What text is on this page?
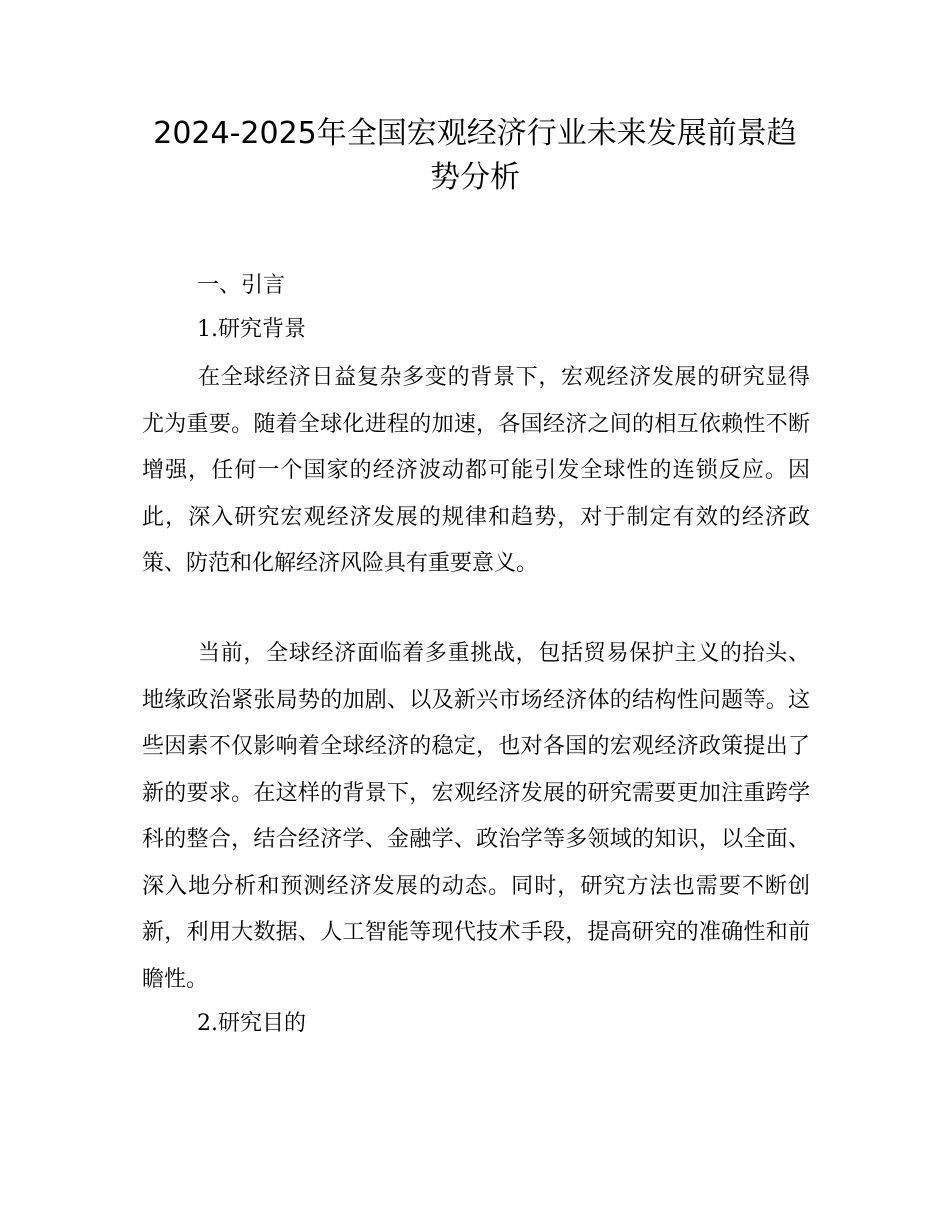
2024-2025年全国宏观经济行业未来发展前景趋势分析

一、引言

1.研究背景

在全球经济日益复杂多变的背景下，宏观经济发展的研究显得尤为重要。随着全球化进程的加速，各国经济之间的相互依赖性不断增强，任何一个国家的经济波动都可能引发全球性的连锁反应。因此，深入研究宏观经济发展的规律和趋势，对于制定有效的经济政策、防范和化解经济风险具有重要意义。

当前，全球经济面临着多重挑战，包括贸易保护主义的抬头、地缘政治紧张局势的加剧、以及新兴市场经济体的结构性问题等。这些因素不仅影响着全球经济的稳定，也对各国的宏观经济政策提出了新的要求。在这样的背景下，宏观经济发展的研究需要更加注重跨学科的整合，结合经济学、金融学、政治学等多领域的知识，以全面、深入地分析和预测经济发展的动态。同时，研究方法也需要不断创新，利用大数据、人工智能等现代技术手段，提高研究的准确性和前瞻性。

2.研究目的
